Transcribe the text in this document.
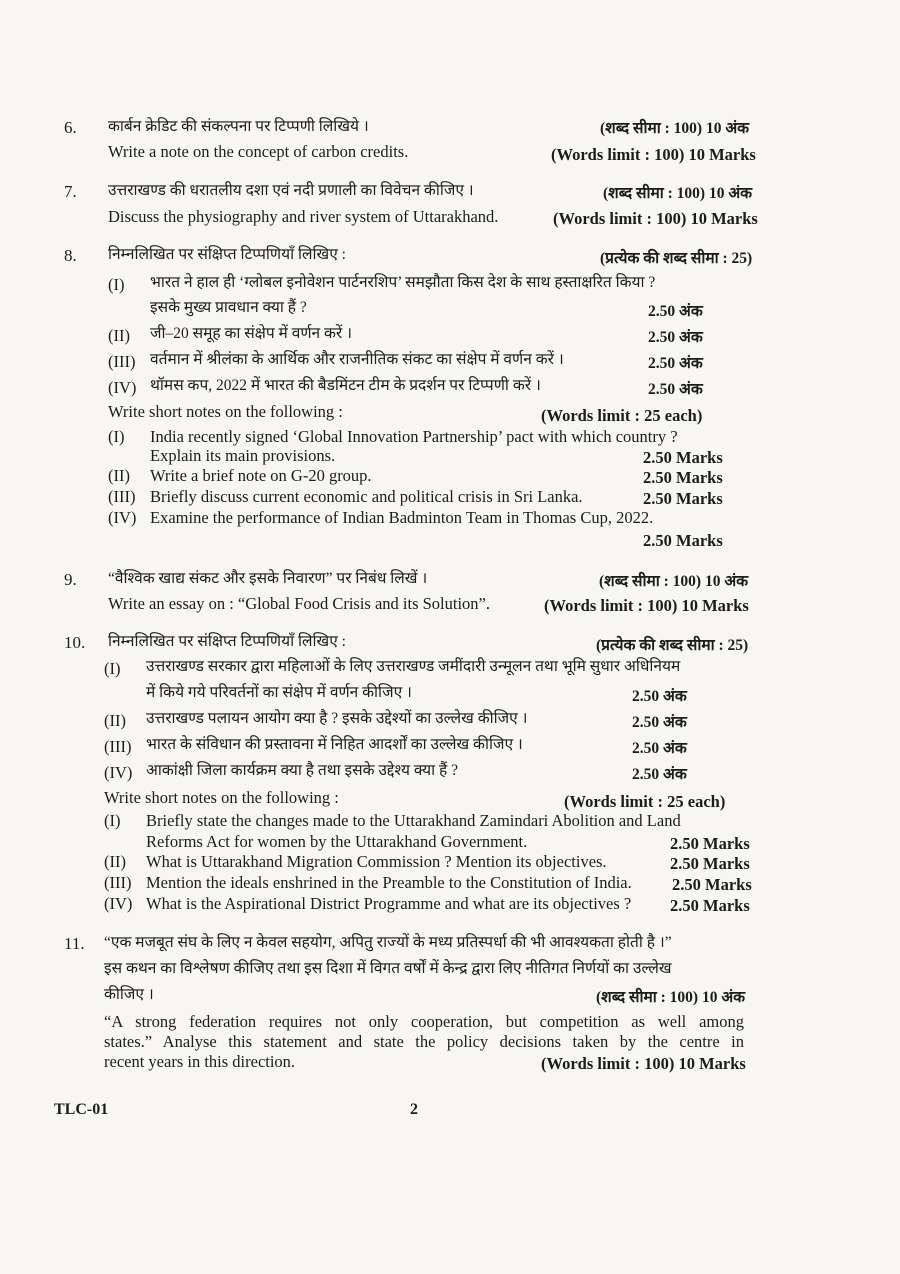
6. कार्बन क्रेडिट की संकल्पना पर टिप्पणी लिखिये ।	(शब्द सीमा : 100) 10 अंक
Write a note on the concept of carbon credits.	(Words limit : 100) 10 Marks
7. उत्तराखण्ड की धरातलीय दशा एवं नदी प्रणाली का विवेचन कीजिए ।	(शब्द सीमा : 100) 10 अंक
Discuss the physiography and river system of Uttarakhand.	(Words limit : 100) 10 Marks
8. निम्नलिखित पर संक्षिप्त टिप्पणियाँ लिखिए :	(प्रत्येक की शब्द सीमा : 25)
(I) भारत ने हाल ही ‘ग्लोबल इनोवेशन पार्टनरशिप’ समझौता किस देश के साथ हस्ताक्षरित किया ?
इसके मुख्य प्रावधान क्या हैं ?	2.50 अंक
(II) जी–20 समूह का संक्षेप में वर्णन करें ।	2.50 अंक
(III) वर्तमान में श्रीलंका के आर्थिक और राजनीतिक संकट का संक्षेप में वर्णन करें ।	2.50 अंक
(IV) थॉमस कप, 2022 में भारत की बैडमिंटन टीम के प्रदर्शन पर टिप्पणी करें ।	2.50 अंक
Write short notes on the following :	(Words limit : 25 each)
(I) India recently signed ‘Global Innovation Partnership’ pact with which country ?
Explain its main provisions.	2.50 Marks
(II) Write a brief note on G-20 group.	2.50 Marks
(III) Briefly discuss current economic and political crisis in Sri Lanka.	2.50 Marks
(IV) Examine the performance of Indian Badminton Team in Thomas Cup, 2022.
2.50 Marks
9. “वैश्विक खाद्य संकट और इसके निवारण” पर निबंध लिखें ।	(शब्द सीमा : 100) 10 अंक
Write an essay on : “Global Food Crisis and its Solution”.	(Words limit : 100) 10 Marks
10. निम्नलिखित पर संक्षिप्त टिप्पणियाँ लिखिए :	(प्रत्येक की शब्द सीमा : 25)
(I) उत्तराखण्ड सरकार द्वारा महिलाओं के लिए उत्तराखण्ड जमींदारी उन्मूलन तथा भूमि सुधार अधिनियम
में किये गये परिवर्तनों का संक्षेप में वर्णन कीजिए ।	2.50 अंक
(II) उत्तराखण्ड पलायन आयोग क्या है ? इसके उद्देश्यों का उल्लेख कीजिए ।	2.50 अंक
(III) भारत के संविधान की प्रस्तावना में निहित आदर्शों का उल्लेख कीजिए ।	2.50 अंक
(IV) आकांक्षी जिला कार्यक्रम क्या है तथा इसके उद्देश्य क्या हैं ?	2.50 अंक
Write short notes on the following :	(Words limit : 25 each)
(I) Briefly state the changes made to the Uttarakhand Zamindari Abolition and Land
Reforms Act for women by the Uttarakhand Government.	2.50 Marks
(II) What is Uttarakhand Migration Commission ? Mention its objectives.	2.50 Marks
(III) Mention the ideals enshrined in the Preamble to the Constitution of India. 2.50 Marks
(IV) What is the Aspirational District Programme and what are its objectives ? 2.50 Marks
11. “एक मजबूत संघ के लिए न केवल सहयोग, अपितु राज्यों के मध्य प्रतिस्पर्धा की भी आवश्यकता होती है ।”
इस कथन का विश्लेषण कीजिए तथा इस दिशा में विगत वर्षों में केन्द्र द्वारा लिए नीतिगत निर्णयों का उल्लेख
कीजिए ।	(शब्द सीमा : 100) 10 अंक
“A strong federation requires not only cooperation, but competition as well among
states.” Analyse this statement and state the policy decisions taken by the centre in
recent years in this direction.	(Words limit : 100) 10 Marks
TLC-01	2
